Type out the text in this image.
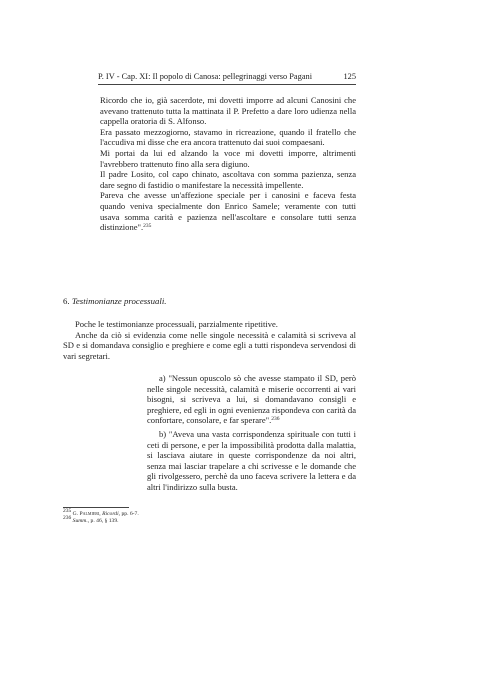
P. IV - Cap. XI: Il popolo di Canosa: pellegrinaggi verso Pagani	125

Ricordo che io, già sacerdote, mi dovetti imporre ad alcuni Canosini che avevano trattenuto tutta la mattinata il P. Prefetto a dare loro udienza nella cappella oratoria di S. Alfonso.

Era passato mezzogiorno, stavamo in ricreazione, quando il fratello che l'accudiva mi disse che era ancora trattenuto dai suoi compaesani.

Mi portai da lui ed alzando la voce mi dovetti imporre, altrimenti l'avrebbero trattenuto fino alla sera digiuno.

Il padre Losito, col capo chinato, ascoltava con somma pazienza, senza dare segno di fastidio o manifestare la necessità impellente.

Pareva che avesse un'affezione speciale per i canosini e faceva festa quando veniva specialmente don Enrico Samele; veramente con tutti usava somma carità e pazienza nell'ascoltare e consolare tutti senza distinzione".$^{235}$

6. Testimonianze processuali.

Poche le testimonianze processuali, parzialmente ripetitive.

Anche da ciò si evidenzia come nelle singole necessità e calamità si scriveva al SD e si domandava consiglio e preghiere e come egli a tutti rispondeva servendosi di vari segretari.

a) "Nessun opuscolo sò che avesse stampato il SD, però nelle singole necessità, calamità e miserie occorrenti ai vari bisogni, si scriveva a lui, si domandavano consigli e preghiere, ed egli in ogni evenienza rispondeva con carità da confortare, consolare, e far sperare".$^{236}$

b) "Aveva una vasta corrispondenza spirituale con tutti i ceti di persone, e per la impossibilità prodotta dalla malattia, si lasciava aiutare in queste corrispondenze da noi altri, senza mai lasciar trapelare a chi scrivesse e le domande che gli rivolgessero, perchè da uno faceva scrivere la lettera e da altri l'indirizzo sulla busta.

$^{235}$ G. Palmieri, Ricordi, pp. 6-7.

$^{236}$ Summ., p. 46, § 139.
